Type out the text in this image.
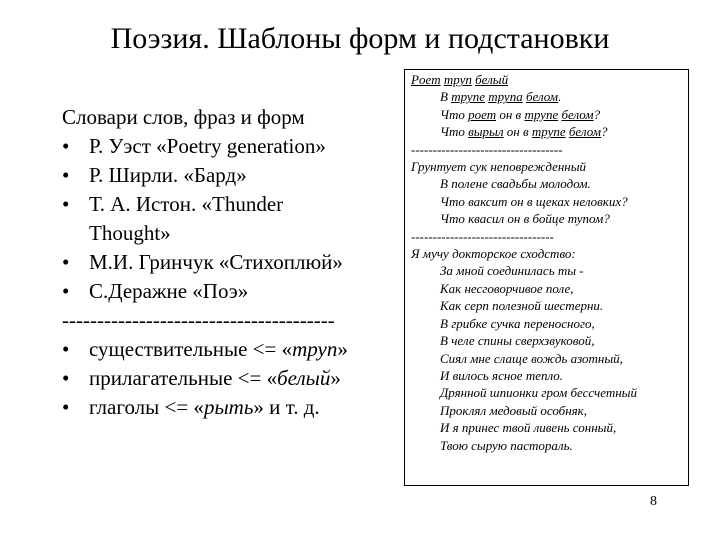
Поэзия. Шаблоны форм и подстановки
Словари слов, фраз и форм
• Р. Уэст «Poetry generation»
• Р. Ширли. «Бард»
• Т. А. Истон. «Thunder
Thought»
• М.И. Гринчук «Стихоплюй»
• С.Деражне «Поэ»
---------------------------------------
• существительные <= «труп»
• прилагательные <= «белый»
• глаголы <= «рыть» и т. д.
Poem труп белый
В трупе трупа белом.
Что роет он в трупе белом?
Что вырыл он в трупе белом?
-----------------------------------
Грунтует сук неповрежденный
В полене свадьбы молодом.
Что ваксит он в щеках неловких?
Что квасил он в бойце тупом?
---------------------------------
Я мучу докторское сходство:
За мной соединилась ты -
Как несговорчивое поле,
Как серп полезной шестерни.
В грибке сучка переносного,
В челе спины сверхзвуковой,
Сиял мне слаще вождь азотный,
И вилось ясное тепло.
Дрянной шпионки гром бессчетный
Проклял медовый особняк,
И я принес твой ливень сонный,
Твою сырую пастораль.
8
